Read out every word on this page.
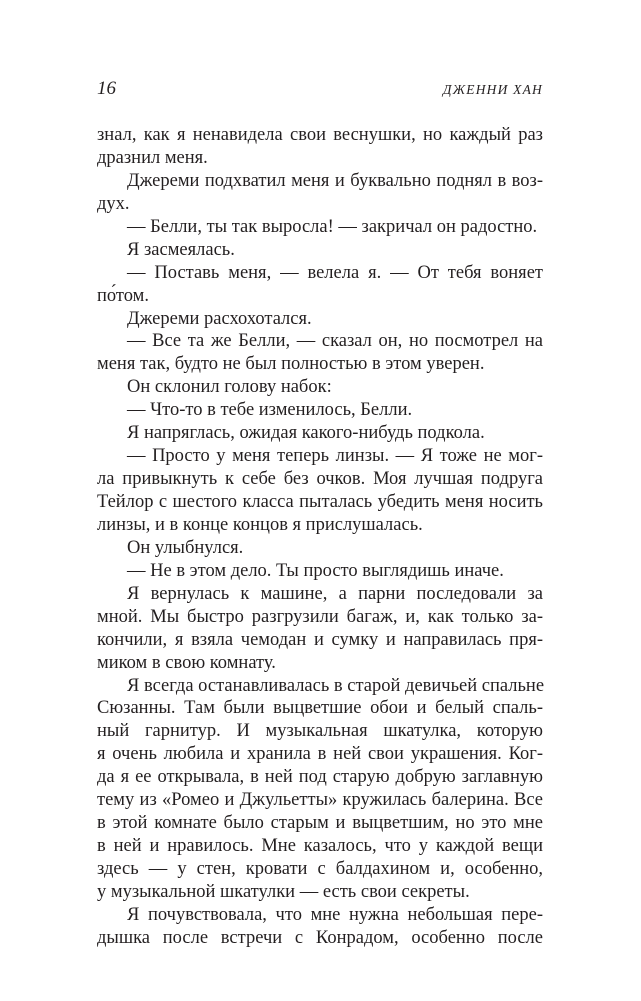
16	ДЖЕННИ ХАН
знал, как я ненавидела свои веснушки, но каждый раз
дразнил меня.
Джереми подхватил меня и буквально поднял в воз-
дух.
— Белли, ты так выросла! — закричал он радостно.
Я засмеялась.
— Поставь меня, — велела я. — От тебя воняет
по́том.
Джереми расхохотался.
— Все та же Белли, — сказал он, но посмотрел на
меня так, будто не был полностью в этом уверен.
Он склонил голову набок:
— Что-то в тебе изменилось, Белли.
Я напряглась, ожидая какого-нибудь подкола.
— Просто у меня теперь линзы. — Я тоже не мог-
ла привыкнуть к себе без очков. Моя лучшая подруга
Тейлор с шестого класса пыталась убедить меня носить
линзы, и в конце концов я прислушалась.
Он улыбнулся.
— Не в этом дело. Ты просто выглядишь иначе.
Я вернулась к машине, а парни последовали за
мной. Мы быстро разгрузили багаж, и, как только за-
кончили, я взяла чемодан и сумку и направилась пря-
миком в свою комнату.
Я всегда останавливалась в старой девичьей спальне
Сюзанны. Там были выцветшие обои и белый спаль-
ный гарнитур. И музыкальная шкатулка, которую
я очень любила и хранила в ней свои украшения. Ког-
да я ее открывала, в ней под старую добрую заглавную
тему из «Ромео и Джульетты» кружилась балерина. Все
в этой комнате было старым и выцветшим, но это мне
в ней и нравилось. Мне казалось, что у каждой вещи
здесь — у стен, кровати с балдахином и, особенно,
у музыкальной шкатулки — есть свои секреты.
Я почувствовала, что мне нужна небольшая пере-
дышка после встречи с Конрадом, особенно после
